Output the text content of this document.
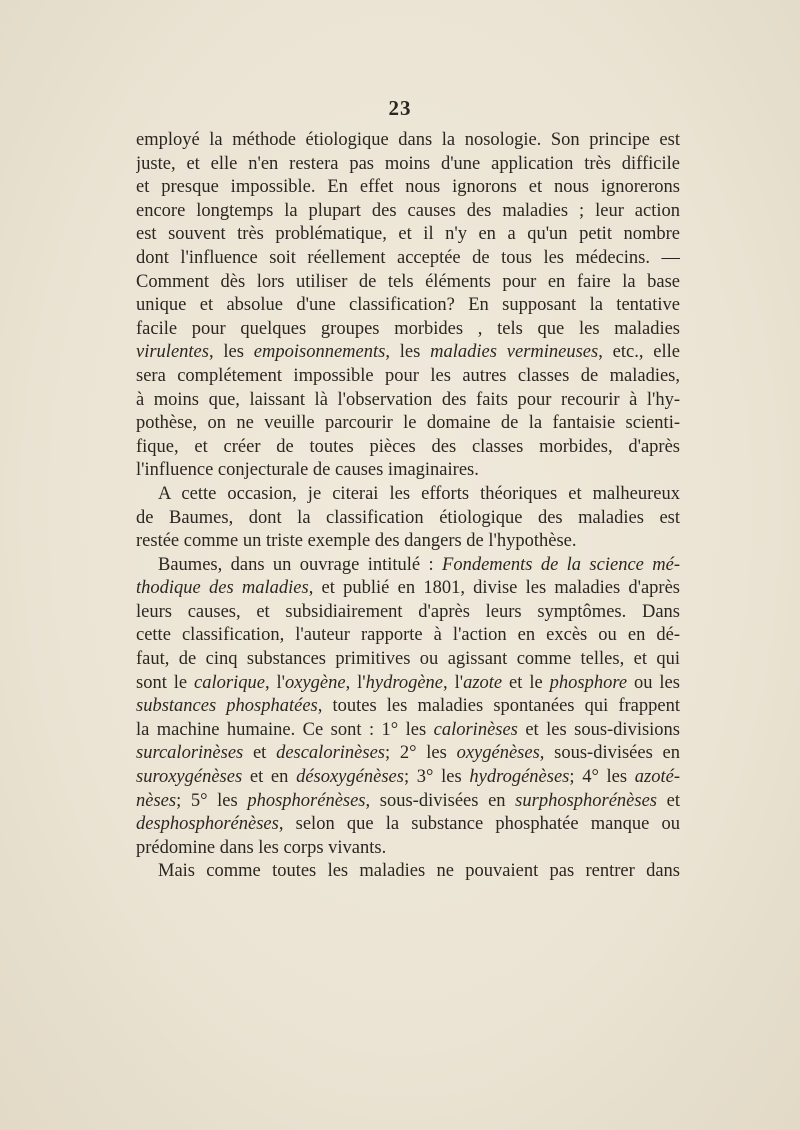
23
employé la méthode étiologique dans la nosologie. Son principe est
juste, et elle n'en restera pas moins d'une application très difficile
et presque impossible. En effet nous ignorons et nous ignorerons
encore longtemps la plupart des causes des maladies ; leur action
est souvent très problématique, et il n'y en a qu'un petit nombre
dont l'influence soit réellement acceptée de tous les médecins. —
Comment dès lors utiliser de tels éléments pour en faire la base
unique et absolue d'une classification? En supposant la tentative
facile pour quelques groupes morbides , tels que les maladies
virulentes, les empoisonnements, les maladies vermineuses, etc., elle
sera complétement impossible pour les autres classes de maladies,
à moins que, laissant là l'observation des faits pour recourir à l'hy-
pothèse, on ne veuille parcourir le domaine de la fantaisie scienti-
fique, et créer de toutes pièces des classes morbides, d'après
l'influence conjecturale de causes imaginaires.
A cette occasion, je citerai les efforts théoriques et malheureux
de Baumes, dont la classification étiologique des maladies est
restée comme un triste exemple des dangers de l'hypothèse.
Baumes, dans un ouvrage intitulé : Fondements de la science mé-
thodique des maladies, et publié en 1801, divise les maladies d'après
leurs causes, et subsidiairement d'après leurs symptômes. Dans
cette classification, l'auteur rapporte à l'action en excès ou en dé-
faut, de cinq substances primitives ou agissant comme telles, et qui
sont le calorique, l'oxygène, l'hydrogène, l'azote et le phosphore ou les
substances phosphatées, toutes les maladies spontanées qui frappent
la machine humaine. Ce sont : 1° les calorinèses et les sous-divisions
surcalorinèses et descalorinèses; 2° les oxygénèses, sous-divisées en
suroxygénèses et en désoxygénèses; 3° les hydrogénèses; 4° les azoté-
nèses; 5° les phosphorénèses, sous-divisées en surphosphorénèses et
desphosphorénèses, selon que la substance phosphatée manque ou
prédomine dans les corps vivants.
Mais comme toutes les maladies ne pouvaient pas rentrer dans
